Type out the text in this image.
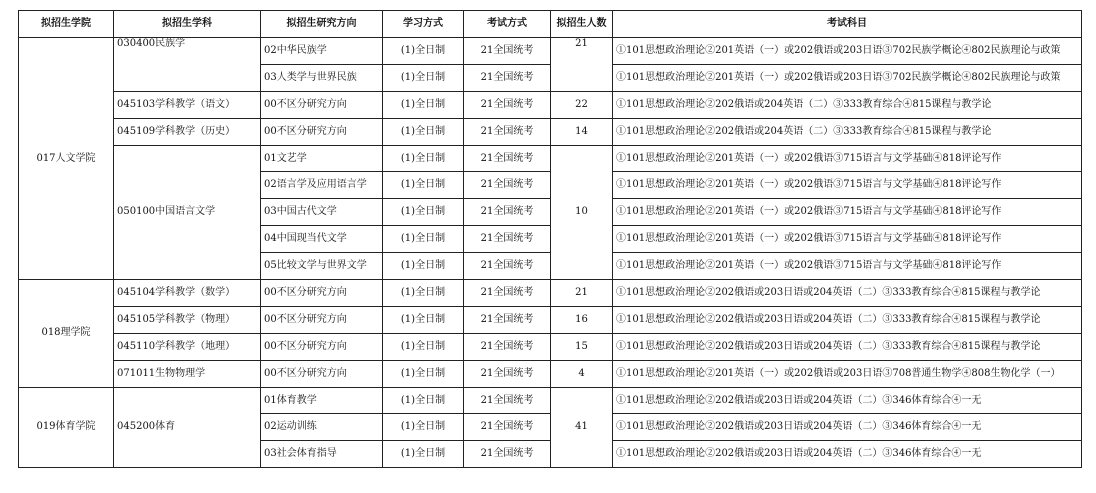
拟招生学院	拟招生学科	拟招生研究方向	学习方式	考试方式	拟招生人数	考试科目
017人文学院	030400民族学	02中华民族学	(1)全日制	21全国统考	21	①101思想政治理论②201英语（一）或202俄语或203日语③702民族学概论④802民族理论与政策
		03人类学与世界民族	(1)全日制	21全国统考		①101思想政治理论②201英语（一）或202俄语或203日语③702民族学概论④802民族理论与政策
	045103学科教学（语文）	00不区分研究方向	(1)全日制	21全国统考	22	①101思想政治理论②202俄语或204英语（二）③333教育综合④815课程与教学论
	045109学科教学（历史）	00不区分研究方向	(1)全日制	21全国统考	14	①101思想政治理论②202俄语或204英语（二）③333教育综合④815课程与教学论
	050100中国语言文学	01文艺学	(1)全日制	21全国统考	10	①101思想政治理论②201英语（一）或202俄语③715语言与文学基础④818评论写作
		02语言学及应用语言学	(1)全日制	21全国统考		①101思想政治理论②201英语（一）或202俄语③715语言与文学基础④818评论写作
		03中国古代文学	(1)全日制	21全国统考		①101思想政治理论②201英语（一）或202俄语③715语言与文学基础④818评论写作
		04中国现当代文学	(1)全日制	21全国统考		①101思想政治理论②201英语（一）或202俄语③715语言与文学基础④818评论写作
		05比较文学与世界文学	(1)全日制	21全国统考		①101思想政治理论②201英语（一）或202俄语③715语言与文学基础④818评论写作
018理学院	045104学科教学（数学）	00不区分研究方向	(1)全日制	21全国统考	21	①101思想政治理论②202俄语或203日语或204英语（二）③333教育综合④815课程与教学论
	045105学科教学（物理）	00不区分研究方向	(1)全日制	21全国统考	16	①101思想政治理论②202俄语或203日语或204英语（二）③333教育综合④815课程与教学论
	045110学科教学（地理）	00不区分研究方向	(1)全日制	21全国统考	15	①101思想政治理论②202俄语或203日语或204英语（二）③333教育综合④815课程与教学论
	071011生物物理学	00不区分研究方向	(1)全日制	21全国统考	4	①101思想政治理论②201英语（一）或202俄语或203日语③708普通生物学④808生物化学（一）
019体育学院	045200体育	01体育教学	(1)全日制	21全国统考	41	①101思想政治理论②202俄语或203日语或204英语（二）③346体育综合④一无
		02运动训练	(1)全日制	21全国统考		①101思想政治理论②202俄语或203日语或204英语（二）③346体育综合④一无
		03社会体育指导	(1)全日制	21全国统考		①101思想政治理论②202俄语或203日语或204英语（二）③346体育综合④一无
